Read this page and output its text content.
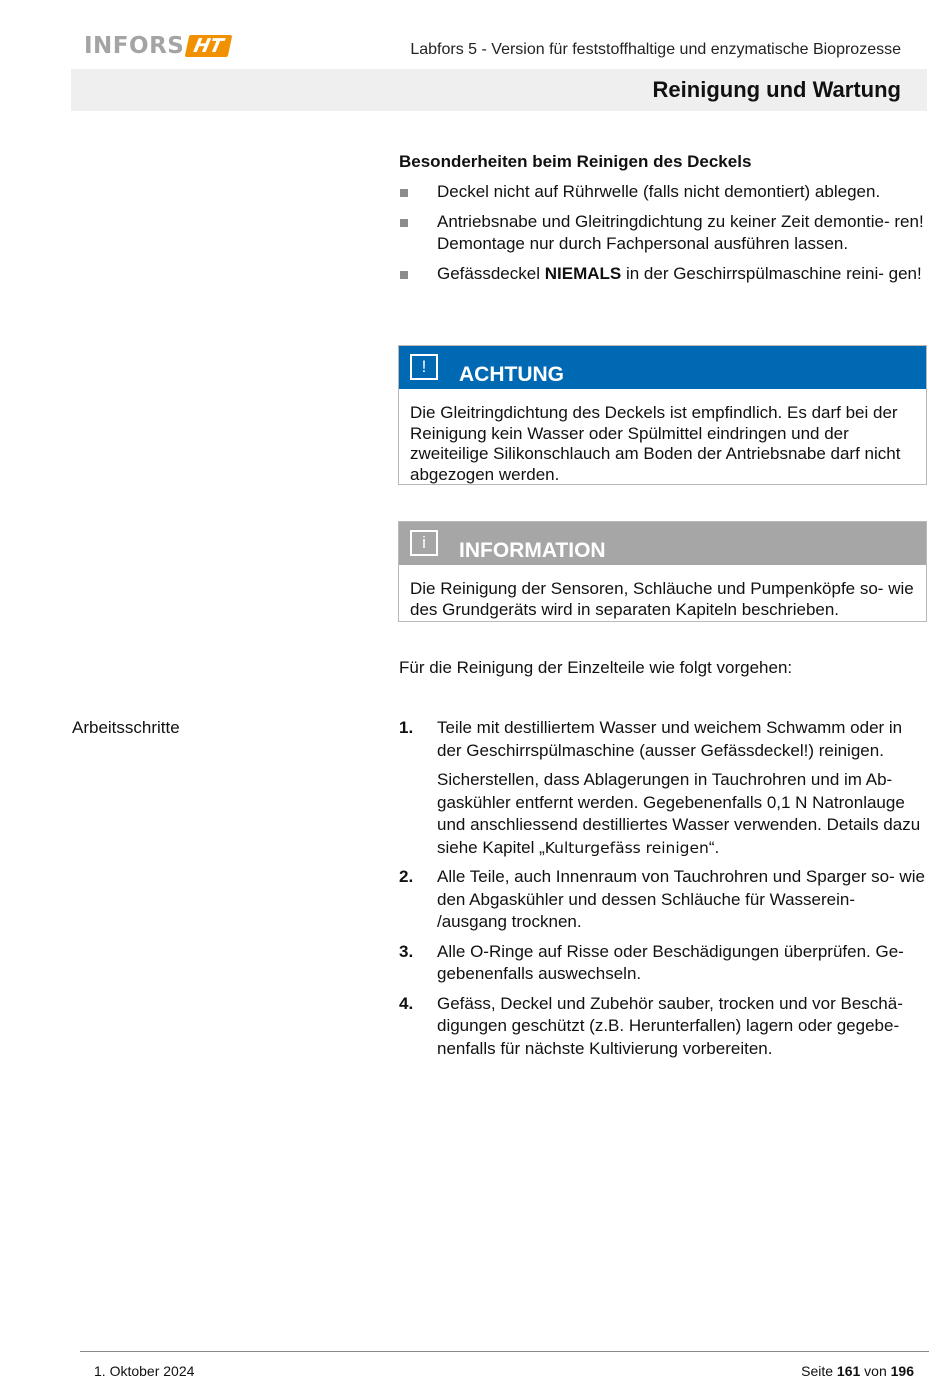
INFORS HT	Labfors 5 - Version für feststoffhaltige und enzymatische Bioprozesse
Reinigung und Wartung
Besonderheiten beim Reinigen des Deckels
Deckel nicht auf Rührwelle (falls nicht demontiert) ablegen.
Antriebsnabe und Gleitringdichtung zu keiner Zeit demontie- ren! Demontage nur durch Fachpersonal ausführen lassen.
Gefässdeckel NIEMALS in der Geschirrspülmaschine reini- gen!
!	ACHTUNG
Die Gleitringdichtung des Deckels ist empfindlich. Es darf bei der Reinigung kein Wasser oder Spülmittel eindringen und der zweiteilige Silikonschlauch am Boden der Antriebsnabe darf nicht abgezogen werden.
i	INFORMATION
Die Reinigung der Sensoren, Schläuche und Pumpenköpfe so- wie des Grundgeräts wird in separaten Kapiteln beschrieben.
Für die Reinigung der Einzelteile wie folgt vorgehen:
Arbeitsschritte	1. Teile mit destilliertem Wasser und weichem Schwamm oder in der Geschirrspülmaschine (ausser Gefässdeckel!) reinigen.

Sicherstellen, dass Ablagerungen in Tauchrohren und im Ab- gaskühler entfernt werden. Gegebenenfalls 0,1 N Natronlauge und anschliessend destilliertes Wasser verwenden. Details dazu siehe Kapitel „Kulturgefäss reinigen“.

2. Alle Teile, auch Innenraum von Tauchrohren und Sparger so- wie den Abgaskühler und dessen Schläuche für Wasserein- /ausgang trocknen.

3. Alle O-Ringe auf Risse oder Beschädigungen überprüfen. Ge- gebenenfalls auswechseln.

4. Gefäss, Deckel und Zubehör sauber, trocken und vor Beschä- digungen geschützt (z.B. Herunterfallen) lagern oder gegebe- nenfalls für nächste Kultivierung vorbereiten.

1. Oktober 2024	Seite 161 von 196
